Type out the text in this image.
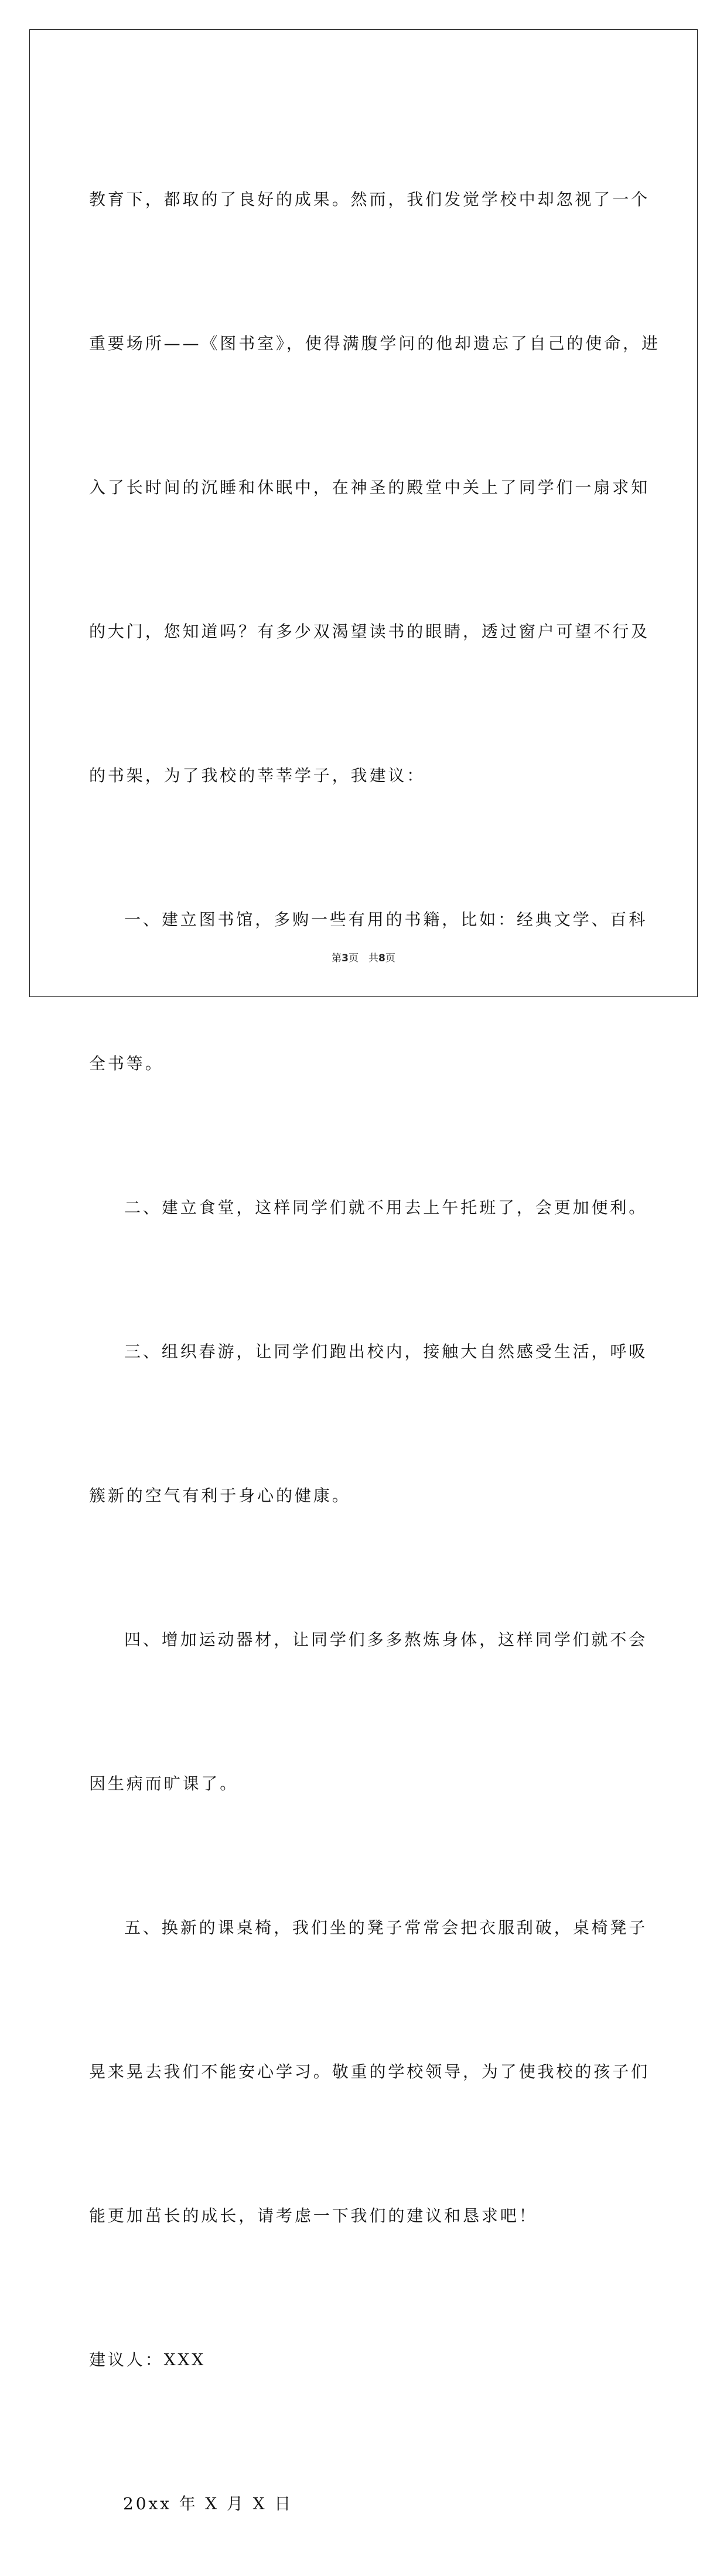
教育下，都取的了良好的成果。然而，我们发觉学校中却忽视了一个

重要场所——《图书室》，使得满腹学问的他却遗忘了自己的使命，进

入了长时间的沉睡和休眠中，在神圣的殿堂中关上了同学们一扇求知

的大门，您知道吗？有多少双渴望读书的眼睛，透过窗户可望不行及

的书架，为了我校的莘莘学子，我建议：

一、建立图书馆，多购一些有用的书籍，比如：经典文学、百科

全书等。

二、建立食堂，这样同学们就不用去上午托班了，会更加便利。

三、组织春游，让同学们跑出校内，接触大自然感受生活，呼吸

簇新的空气有利于身心的健康。

四、增加运动器材，让同学们多多熬炼身体，这样同学们就不会

因生病而旷课了。

五、换新的课桌椅，我们坐的凳子常常会把衣服刮破，桌椅凳子

晃来晃去我们不能安心学习。敬重的学校领导，为了使我校的孩子们

能更加茁长的成长，请考虑一下我们的建议和恳求吧！

建议人：XXX

20xx 年 X 月 X 日

第3页　共8页
